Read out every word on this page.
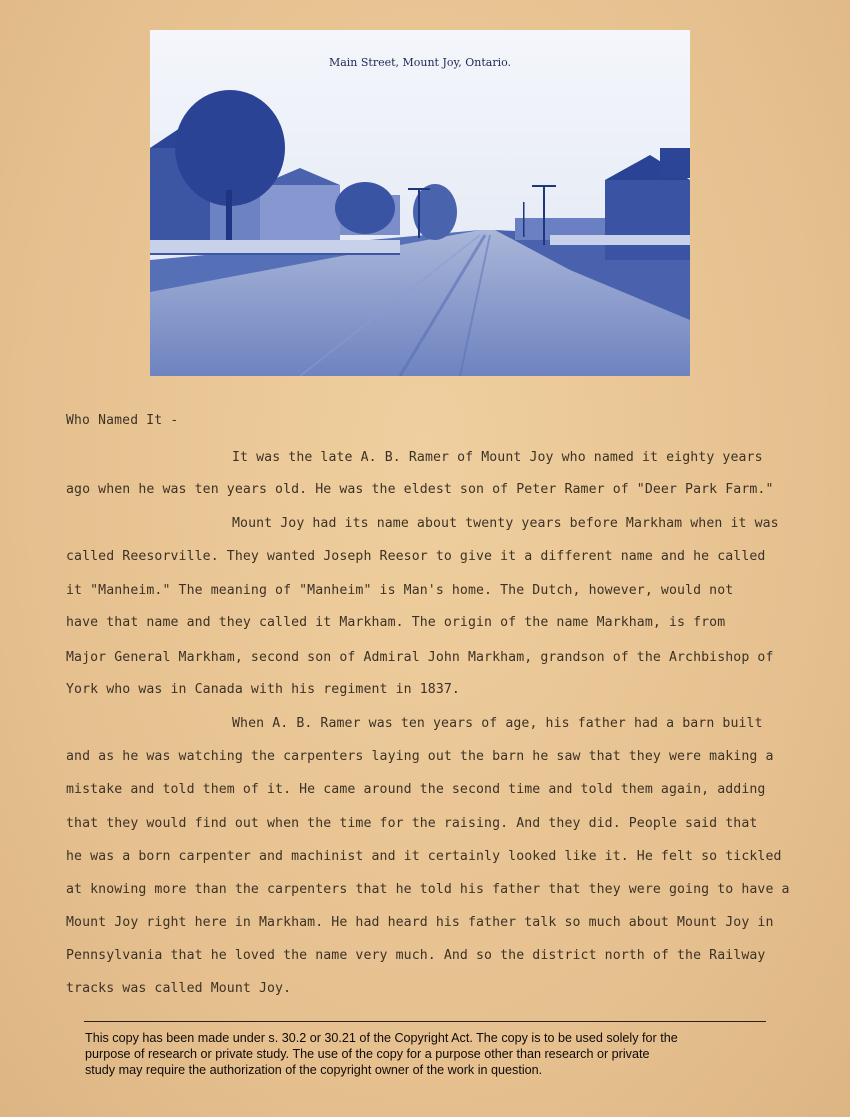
Main Street, Mount Joy, Ontario.
Who Named It -
It was the late A. B. Ramer of Mount Joy who named it eighty years
ago when he was ten years old. He was the eldest son of Peter Ramer of "Deer Park Farm."
Mount Joy had its name about twenty years before Markham when it was
called Reesorville. They wanted Joseph Reesor to give it a different name and he called
it "Manheim." The meaning of "Manheim" is Man's home. The Dutch, however, would not
have that name and they called it Markham. The origin of the name Markham, is from
Major General Markham, second son of Admiral John Markham, grandson of the Archbishop of
York who was in Canada with his regiment in 1837.
When A. B. Ramer was ten years of age, his father had a barn built
and as he was watching the carpenters laying out the barn he saw that they were making a
mistake and told them of it. He came around the second time and told them again, adding
that they would find out when the time for the raising. And they did. People said that
he was a born carpenter and machinist and it certainly looked like it. He felt so tickled
at knowing more than the carpenters that he told his father that they were going to have a
Mount Joy right here in Markham. He had heard his father talk so much about Mount Joy in
Pennsylvania that he loved the name very much. And so the district north of the Railway
tracks was called Mount Joy.
This copy has been made under s. 30.2 or 30.21 of the Copyright Act. The copy is to be used solely for the
purpose of research or private study. The use of the copy for a purpose other than research or private
study may require the authorization of the copyright owner of the work in question.
